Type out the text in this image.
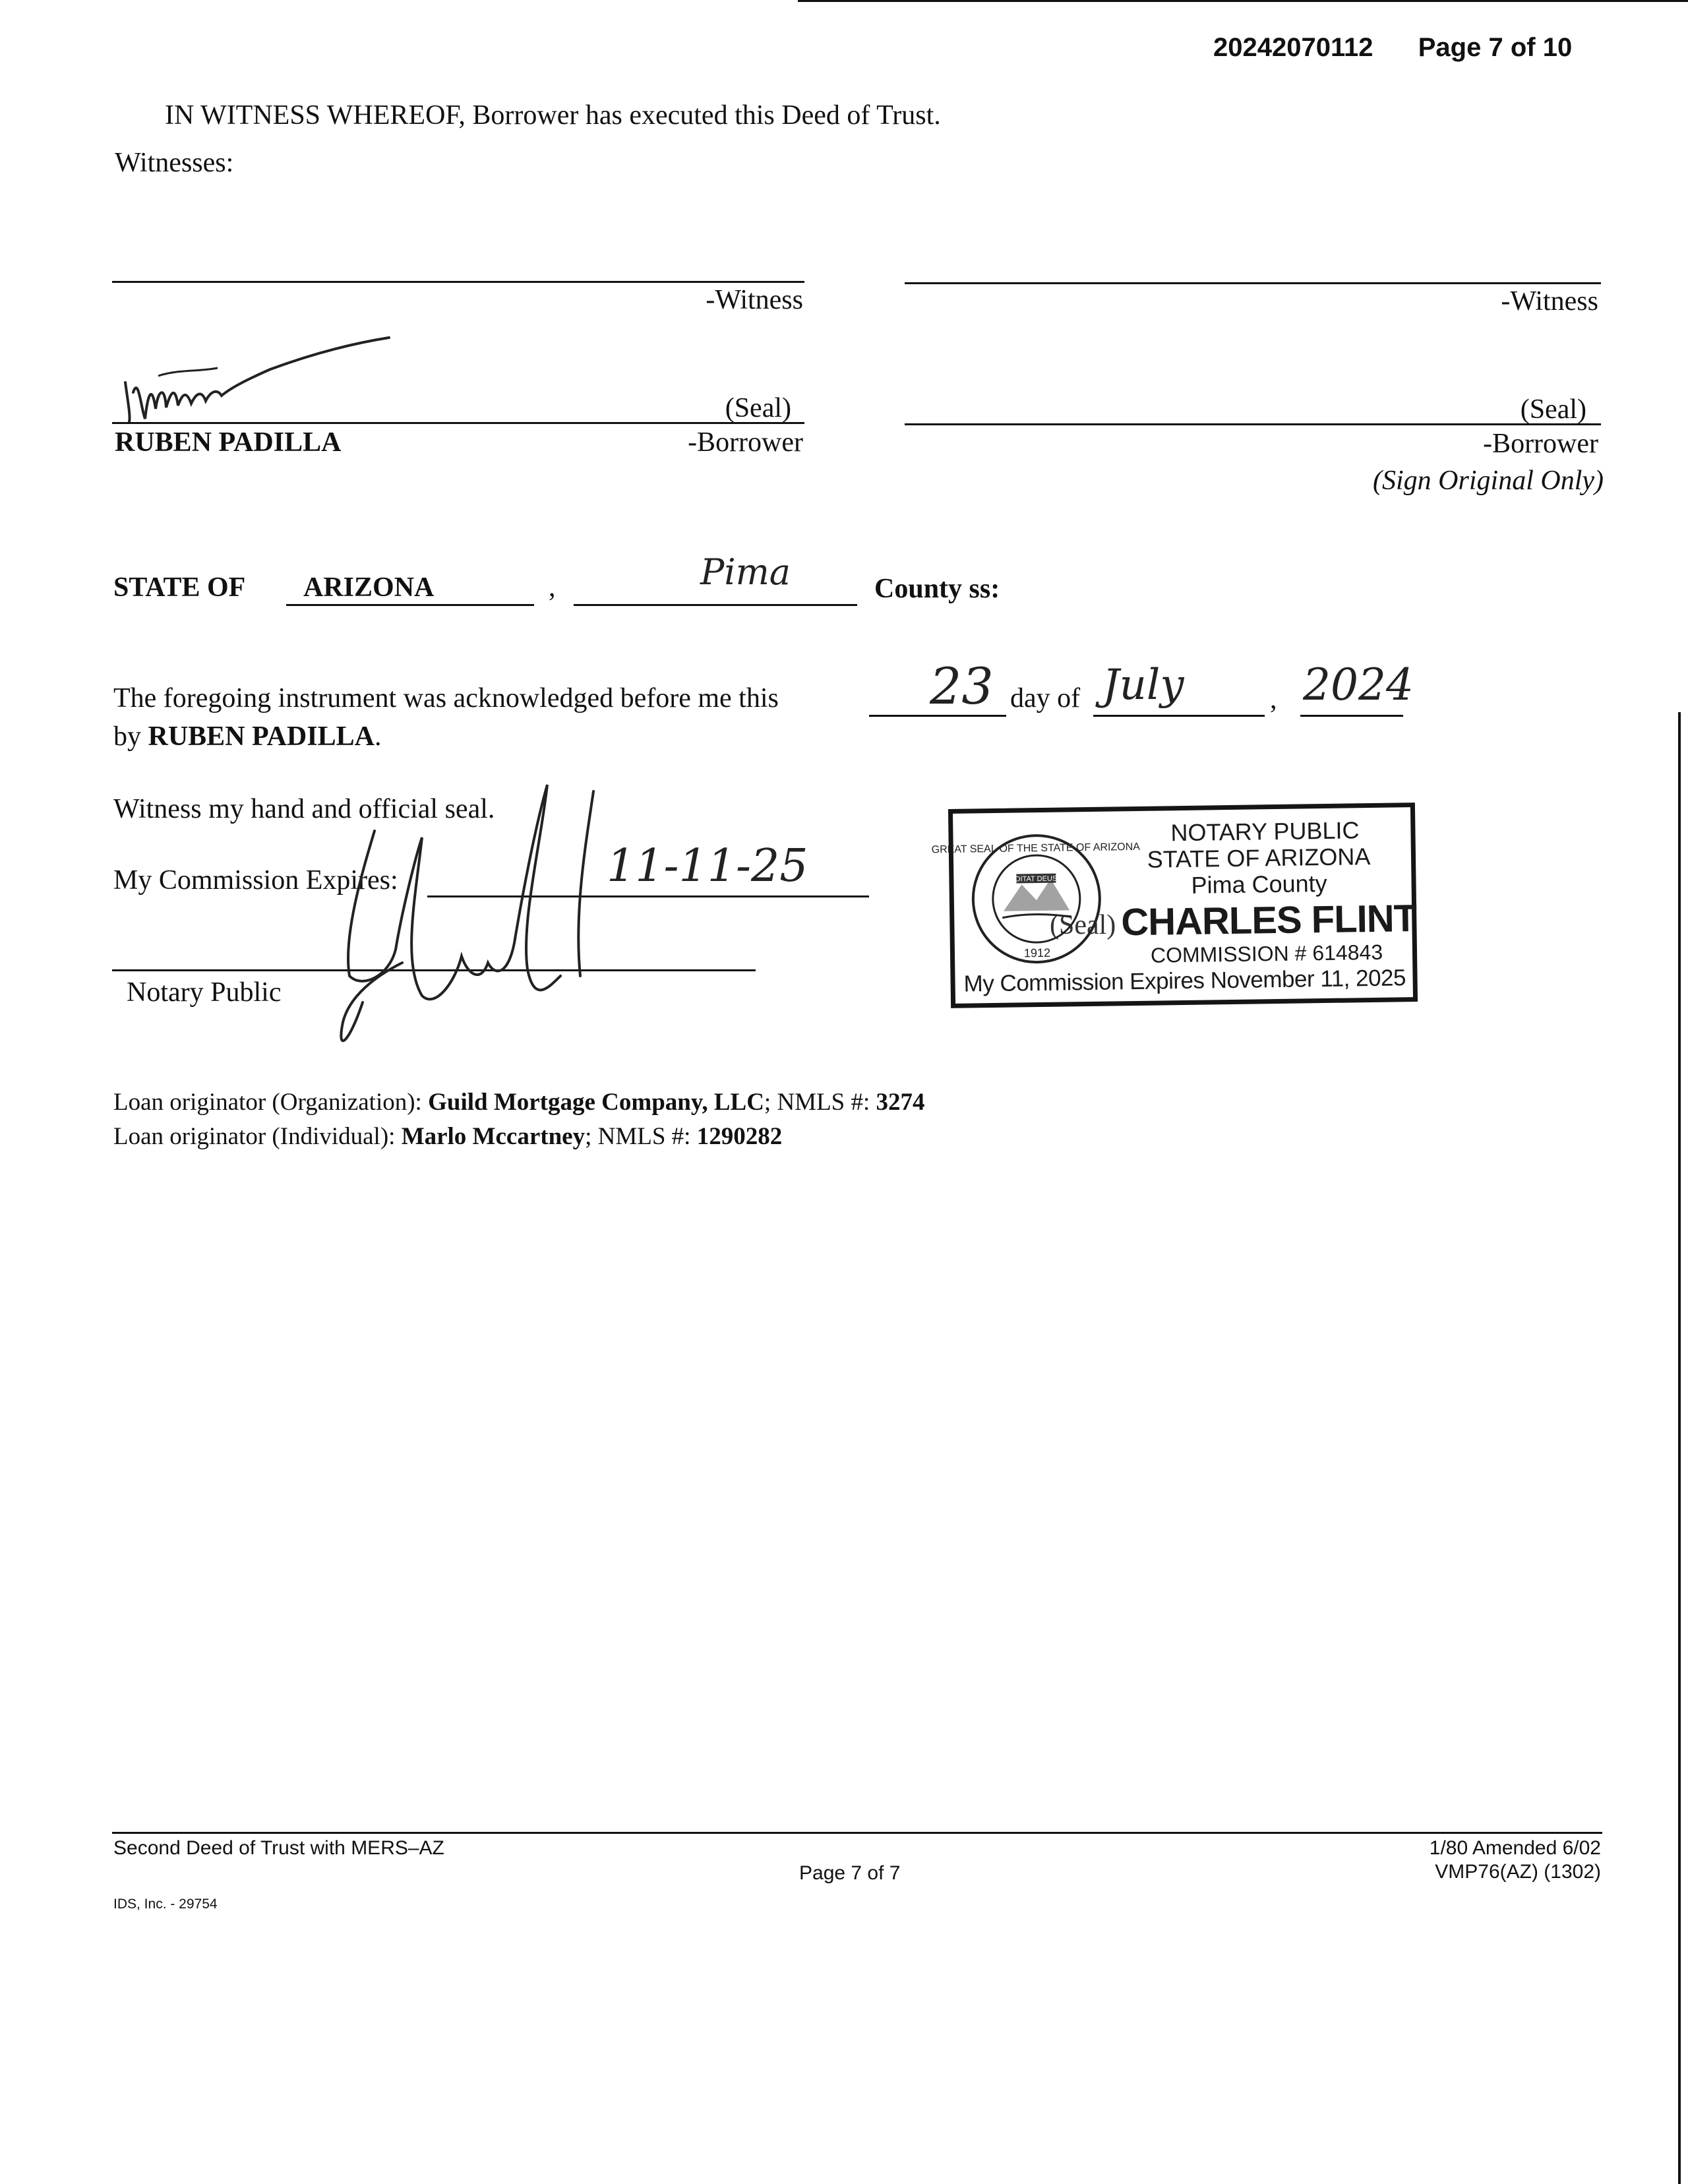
20242070112 Page 7 of 10
IN WITNESS WHEREOF, Borrower has executed this Deed of Trust.
Witnesses:
-Witness	-Witness
(Seal)
RUBEN PADILLA	-Borrower
(Seal)
-Borrower
(Sign Original Only)
STATE OF ARIZONA	,	Pima	County ss:
The foregoing instrument was acknowledged before me this	23 day of July	, 2024
by RUBEN PADILLA.
Witness my hand and official seal.
My Commission Expires:	11-11-25
(Seal)
Notary Public
GREAT SEAL OF THE STATE OF ARIZONA
DITAT DEUS
1912
NOTARY PUBLIC
STATE OF ARIZONA
Pima County
CHARLES FLINT
COMMISSION # 614843
My Commission Expires November 11, 2025
Loan originator (Organization): Guild Mortgage Company, LLC; NMLS #: 3274
Loan originator (Individual): Marlo Mccartney; NMLS #: 1290282
Second Deed of Trust with MERS–AZ
Page 7 of 7
1/80 Amended 6/02
VMP76(AZ) (1302)
IDS, Inc. - 29754
